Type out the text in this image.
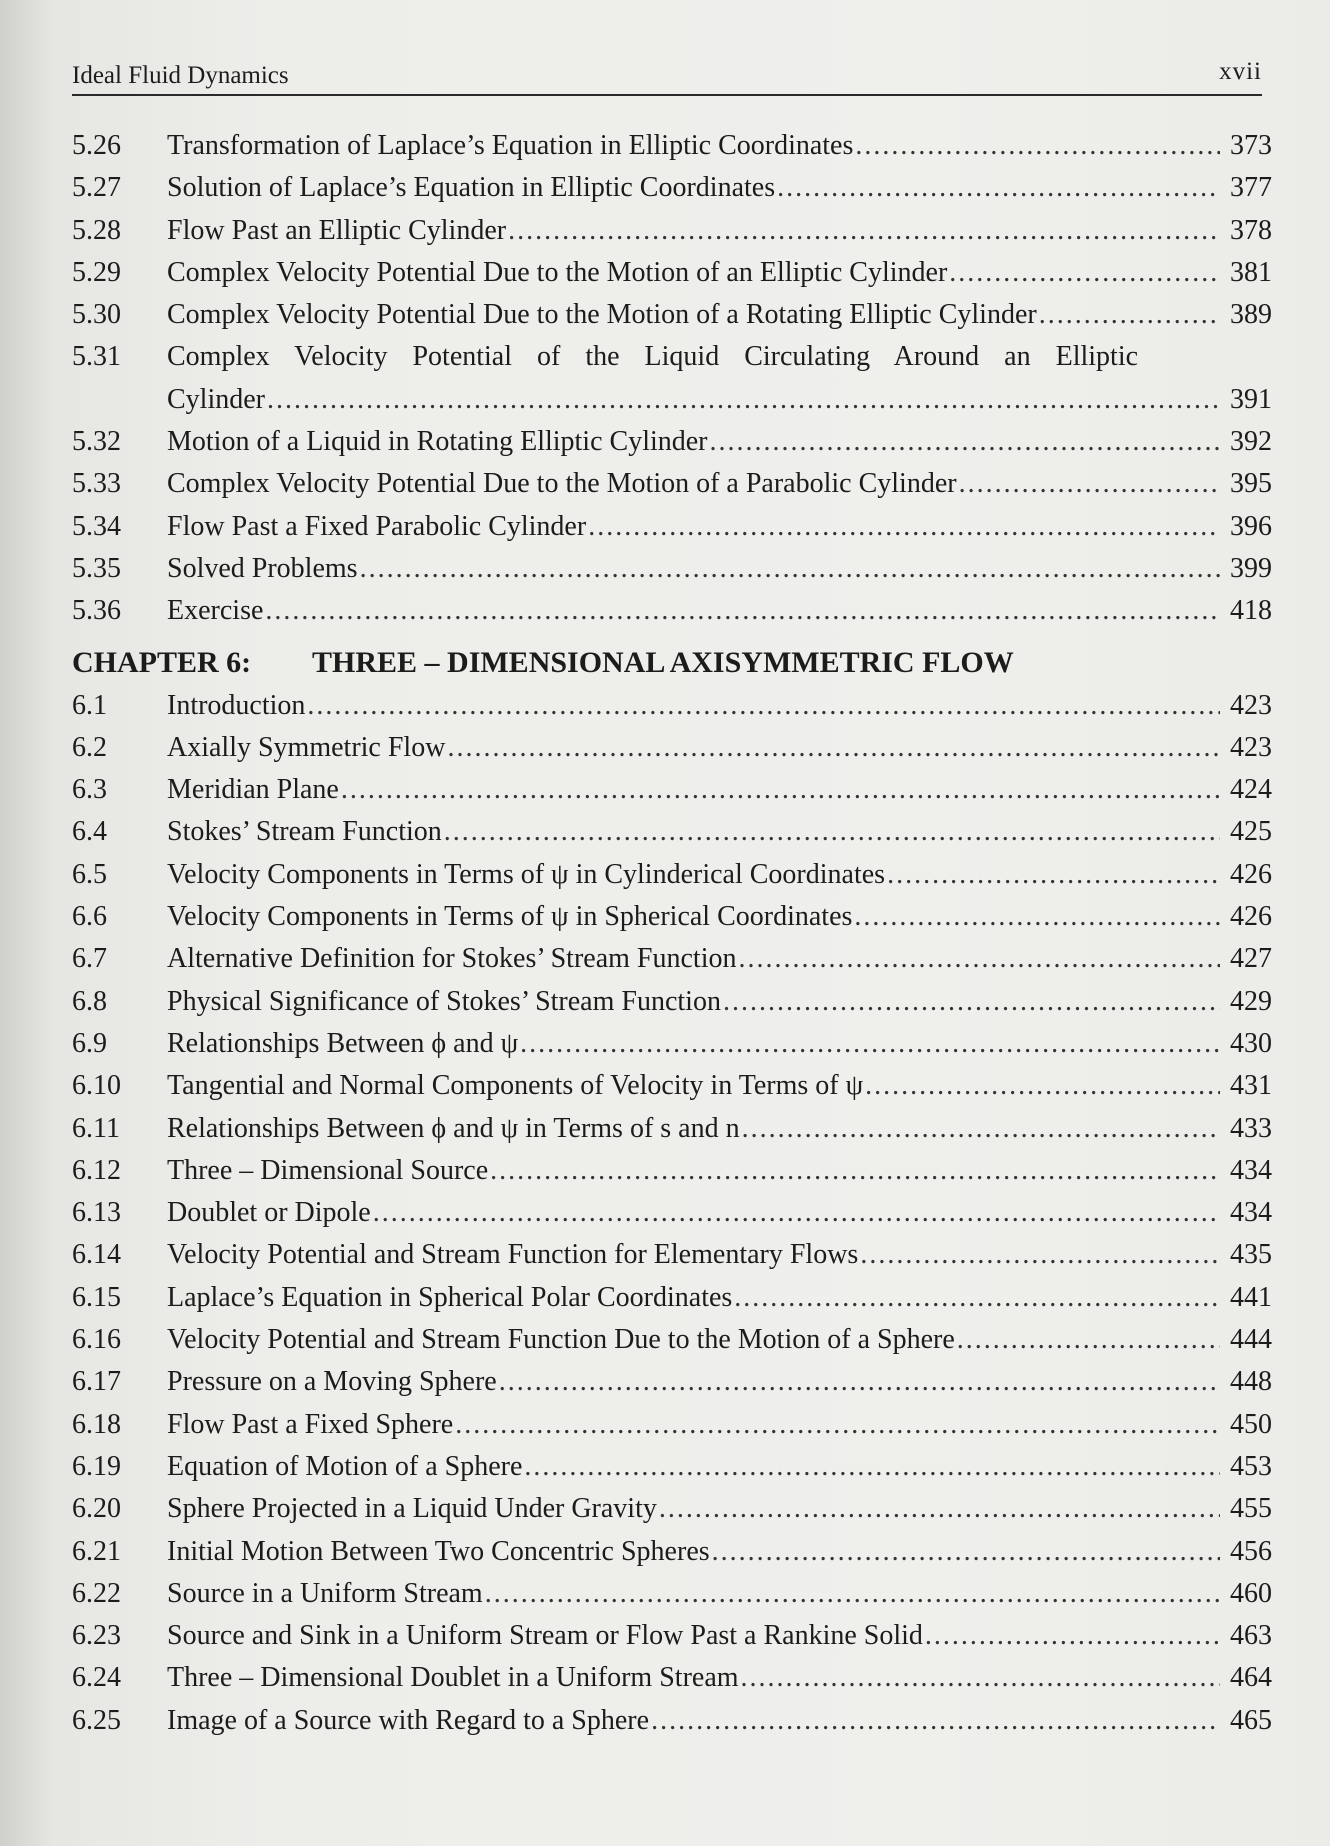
Ideal Fluid Dynamics	xvii
5.26	Transformation of Laplace’s Equation in Elliptic Coordinates .....	373
5.27	Solution of Laplace’s Equation in Elliptic Coordinates .....	377
5.28	Flow Past an Elliptic Cylinder .....	378
5.29	Complex Velocity Potential Due to the Motion of an Elliptic Cylinder .....	381
5.30	Complex Velocity Potential Due to the Motion of a Rotating Elliptic Cylinder .....	389
5.31	Complex Velocity Potential of the Liquid Circulating Around an Elliptic
Cylinder .....	391
5.32	Motion of a Liquid in Rotating Elliptic Cylinder .....	392
5.33	Complex Velocity Potential Due to the Motion of a Parabolic Cylinder .....	395
5.34	Flow Past a Fixed Parabolic Cylinder .....	396
5.35	Solved Problems .....	399
5.36	Exercise .....	418
CHAPTER 6:	THREE – DIMENSIONAL AXISYMMETRIC FLOW
6.1	Introduction .....	423
6.2	Axially Symmetric Flow .....	423
6.3	Meridian Plane .....	424
6.4	Stokes’ Stream Function .....	425
6.5	Velocity Components in Terms of ψ in Cylinderical Coordinates .....	426
6.6	Velocity Components in Terms of ψ in Spherical Coordinates .....	426
6.7	Alternative Definition for Stokes’ Stream Function .....	427
6.8	Physical Significance of Stokes’ Stream Function .....	429
6.9	Relationships Between ϕ and ψ .....	430
6.10	Tangential and Normal Components of Velocity in Terms of ψ .....	431
6.11	Relationships Between ϕ and ψ in Terms of s and n .....	433
6.12	Three – Dimensional Source .....	434
6.13	Doublet or Dipole .....	434
6.14	Velocity Potential and Stream Function for Elementary Flows .....	435
6.15	Laplace’s Equation in Spherical Polar Coordinates .....	441
6.16	Velocity Potential and Stream Function Due to the Motion of a Sphere .....	444
6.17	Pressure on a Moving Sphere .....	448
6.18	Flow Past a Fixed Sphere .....	450
6.19	Equation of Motion of a Sphere .....	453
6.20	Sphere Projected in a Liquid Under Gravity .....	455
6.21	Initial Motion Between Two Concentric Spheres .....	456
6.22	Source in a Uniform Stream .....	460
6.23	Source and Sink in a Uniform Stream or Flow Past a Rankine Solid .....	463
6.24	Three – Dimensional Doublet in a Uniform Stream .....	464
6.25	Image of a Source with Regard to a Sphere .....	465
